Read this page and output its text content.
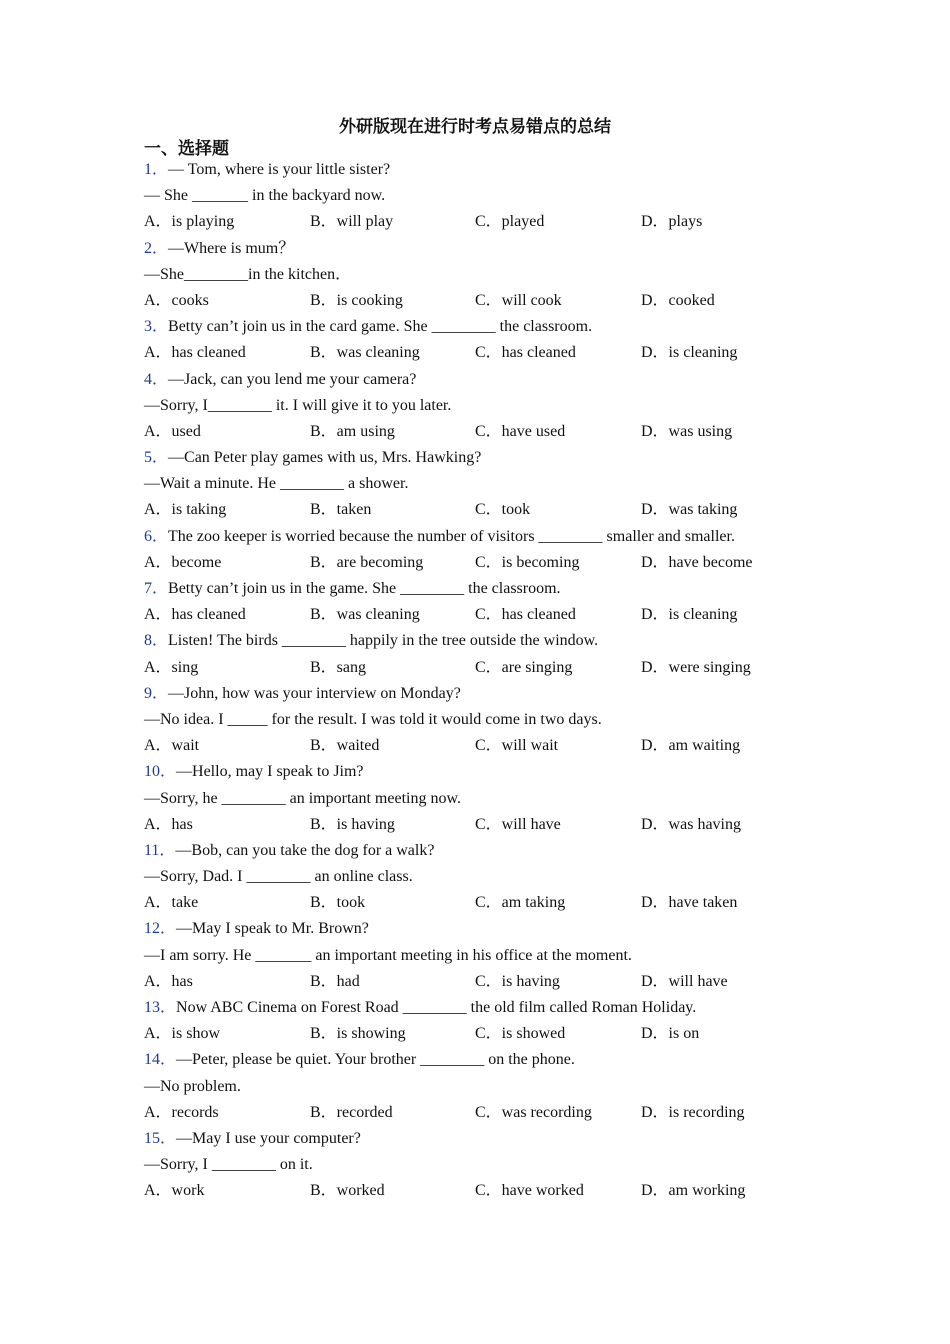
外研版现在进行时考点易错点的总结
一、选择题
1．— Tom, where is your little sister?
— She _______ in the backyard now.
A．is playing	B．will play	C．played	D．plays
2．—Where is mum？
—She________in the kitchen．
A．cooks	B．is cooking	C．will cook	D．cooked
3．Betty can’t join us in the card game. She ________ the classroom.
A．has cleaned	B．was cleaning	C．has cleaned	D．is cleaning
4．—Jack, can you lend me your camera?
—Sorry, I________ it. I will give it to you later.
A．used	B．am using	C．have used	D．was using
5．—Can Peter play games with us, Mrs. Hawking?
—Wait a minute. He ________ a shower.
A．is taking	B．taken	C．took	D．was taking
6．The zoo keeper is worried because the number of visitors ________ smaller and smaller.
A．become	B．are becoming	C．is becoming	D．have become
7．Betty can’t join us in the game. She ________ the classroom.
A．has cleaned	B．was cleaning	C．has cleaned	D．is cleaning
8．Listen! The birds ________ happily in the tree outside the window.
A．sing	B．sang	C．are singing	D．were singing
9．—John, how was your interview on Monday?
—No idea. I _____ for the result. I was told it would come in two days.
A．wait	B．waited	C．will wait	D．am waiting
10．—Hello, may I speak to Jim?
—Sorry, he ________ an important meeting now.
A．has	B．is having	C．will have	D．was having
11．—Bob, can you take the dog for a walk?
—Sorry, Dad. I ________ an online class.
A．take	B．took	C．am taking	D．have taken
12．—May I speak to Mr. Brown?
—I am sorry. He _______ an important meeting in his office at the moment.
A．has	B．had	C．is having	D．will have
13．Now ABC Cinema on Forest Road ________ the old film called Roman Holiday.
A．is show	B．is showing	C．is showed	D．is on
14．—Peter, please be quiet. Your brother ________ on the phone.
—No problem.
A．records	B．recorded	C．was recording	D．is recording
15．—May I use your computer?
—Sorry, I ________ on it.
A．work	B．worked	C．have worked	D．am working
